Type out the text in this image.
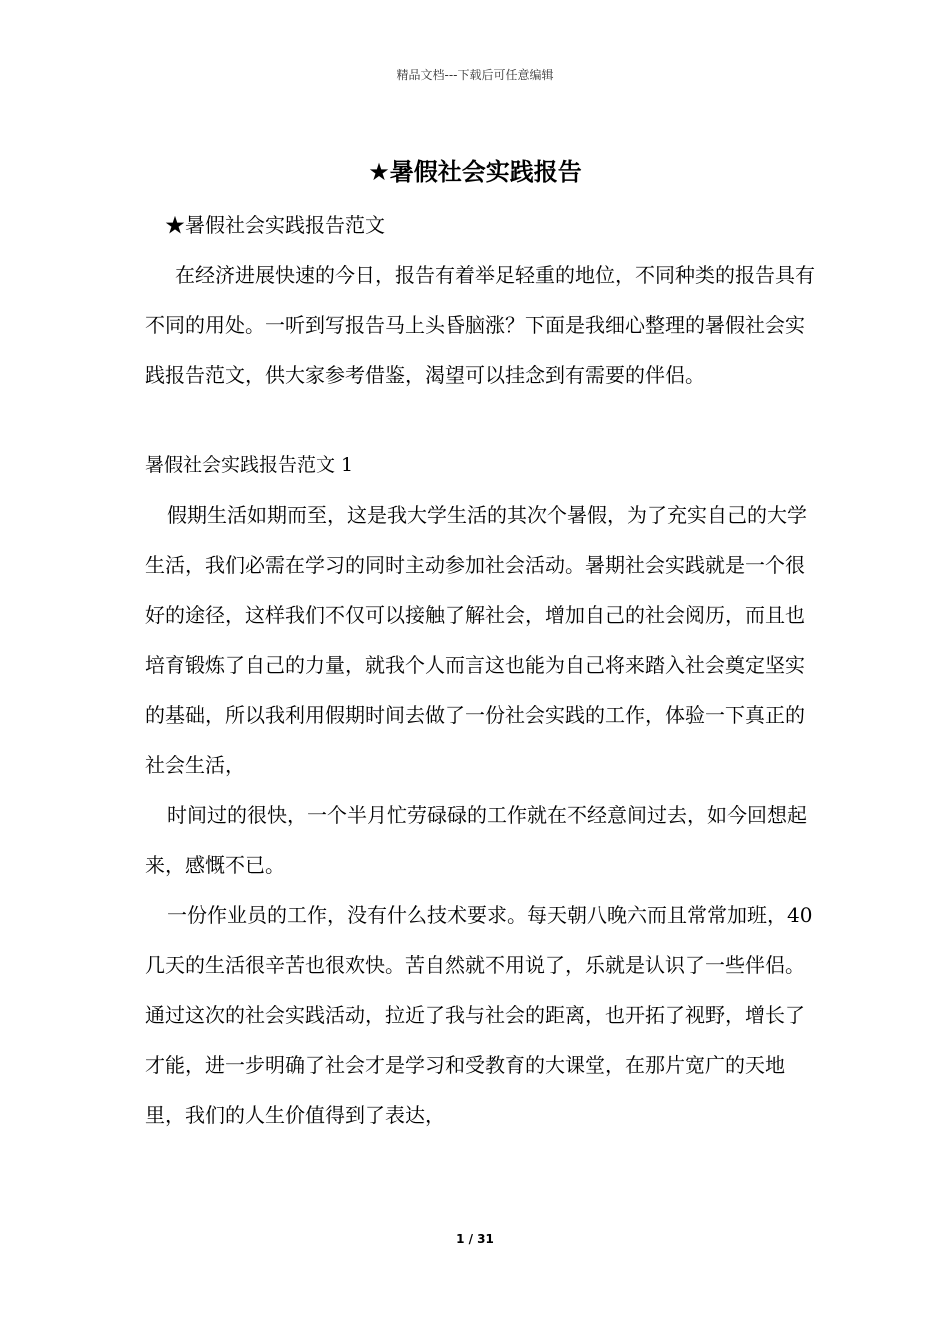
精品文档---下载后可任意编辑
★暑假社会实践报告

★暑假社会实践报告范文

在经济进展快速的今日，报告有着举足轻重的地位，不同种类的报告具有不同的用处。一听到写报告马上头昏脑涨？下面是我细心整理的暑假社会实践报告范文，供大家参考借鉴，渴望可以挂念到有需要的伴侣。

暑假社会实践报告范文 1

假期生活如期而至，这是我大学生活的其次个暑假，为了充实自己的大学生活，我们必需在学习的同时主动参加社会活动。暑期社会实践就是一个很好的途径，这样我们不仅可以接触了解社会，增加自己的社会阅历，而且也培育锻炼了自己的力量，就我个人而言这也能为自己将来踏入社会奠定坚实的基础，所以我利用假期时间去做了一份社会实践的工作，体验一下真正的社会生活，

时间过的很快，一个半月忙劳碌碌的工作就在不经意间过去，如今回想起来，感慨不已。

一份作业员的工作，没有什么技术要求。每天朝八晚六而且常常加班，40 几天的生活很辛苦也很欢快。苦自然就不用说了，乐就是认识了一些伴侣。通过这次的社会实践活动，拉近了我与社会的距离，也开拓了视野，增长了才能，进一步明确了社会才是学习和受教育的大课堂，在那片宽广的天地里，我们的人生价值得到了表达，

1 / 31
